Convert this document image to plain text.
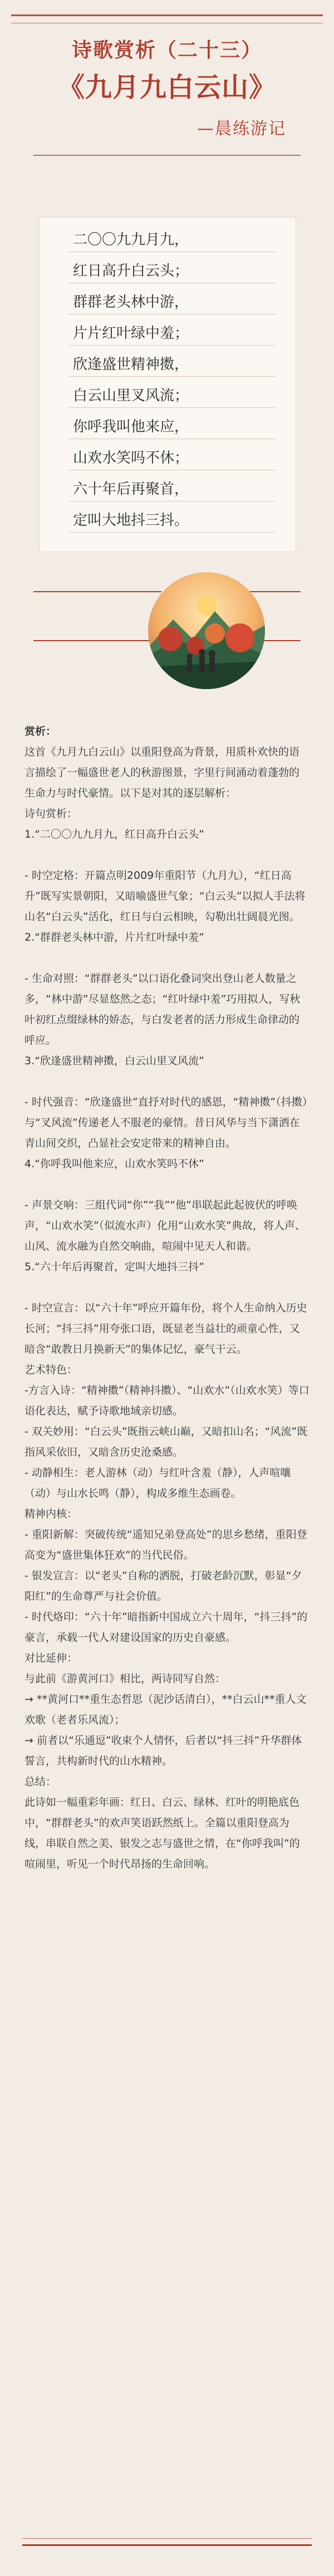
诗歌赏析（二十三）
《九月九白云山》
—晨练游记
二〇〇九九月九，
红日高升白云头；
群群老头林中游，
片片红叶绿中羞；
欣逢盛世精神擞，
白云山里叉风流；
你呼我叫他来应，
山欢水笑吗不休；
六十年后再聚首，
定叫大地抖三抖。

赏析：

这首《九月九白云山》以重阳登高为背景，用质朴欢快的语言描绘了一幅盛世老人的秋游图景，字里行间涌动着蓬勃的生命力与时代豪情。以下是对其的逐层解析：

诗句赏析：

1.“二〇〇九九月九，红日高升白云头”

- 时空定格：开篇点明2009年重阳节（九月九），“红日高升”既写实景朝阳，又暗喻盛世气象；“白云头”以拟人手法将山名“白云头”活化，红日与白云相映，勾勒出壮阔晨光图。

2.“群群老头林中游，片片红叶绿中羞”

- 生命对照：“群群老头”以口语化叠词突出登山老人数量之多，“林中游”尽显悠然之态；“红叶绿中羞”巧用拟人，写秋叶初红点缀绿林的娇态，与白发老者的活力形成生命律动的呼应。

3.“欣逢盛世精神擞，白云山里叉风流”

- 时代强音：“欣逢盛世”直抒对时代的感恩，“精神擞”（抖擞）与“叉风流”传递老人不服老的豪情。昔日风华与当下潇洒在青山间交织，凸显社会安定带来的精神自由。

4.“你呼我叫他来应，山欢水笑吗不休”

- 声景交响：三组代词“你”“我”“他”串联起此起彼伏的呼唤声，“山欢水笑”（似流水声）化用“山欢水笑”典故，将人声、山风、流水融为自然交响曲，喧闹中见天人和谐。

5.“六十年后再聚首，定叫大地抖三抖”

- 时空宣言：以“六十年”呼应开篇年份，将个人生命纳入历史长河；“抖三抖”用夸张口语，既显老当益壮的顽童心性，又暗含“敢教日月换新天”的集体记忆，豪气干云。

艺术特色：

-方言入诗：“精神擞”（精神抖擞）、“山欢水”（山欢水笑）等口语化表达，赋予诗歌地域亲切感。

- 双关妙用：“白云头”既指云峡山巅，又暗扣山名；“风流”既指风采依旧，又暗含历史沧桑感。

- 动静相生：老人游林（动）与红叶含羞（静），人声喧嚷（动）与山水长鸣（静），构成多维生态画卷。

精神内核：

- 重阳新解：突破传统“遥知兄弟登高处”的思乡愁绪，重阳登高变为“盛世集体狂欢”的当代民俗。

- 银发宣言：以“老头”自称的洒脱，打破老龄沉默，彰显“夕阳红”的生命尊严与社会价值。

- 时代烙印：“六十年”暗指新中国成立六十周年，“抖三抖”的豪言，承载一代人对建设国家的历史自豪感。

对比延伸：

与此前《游黄河口》相比，两诗同写自然：

→ **黄河口**重生态哲思（泥沙话清白），**白云山**重人文欢歌（老者乐风流）；

→ 前者以“乐通逗”收束个人情怀，后者以“抖三抖”升华群体誓言，共构新时代的山水精神。

总结：

此诗如一幅重彩年画：红日、白云、绿林、红叶的明艳底色中，“群群老头”的欢声笑语跃然纸上。全篇以重阳登高为线，串联自然之美、银发之志与盛世之情，在“你呼我叫”的喧闹里，听见一个时代昂扬的生命回响。
